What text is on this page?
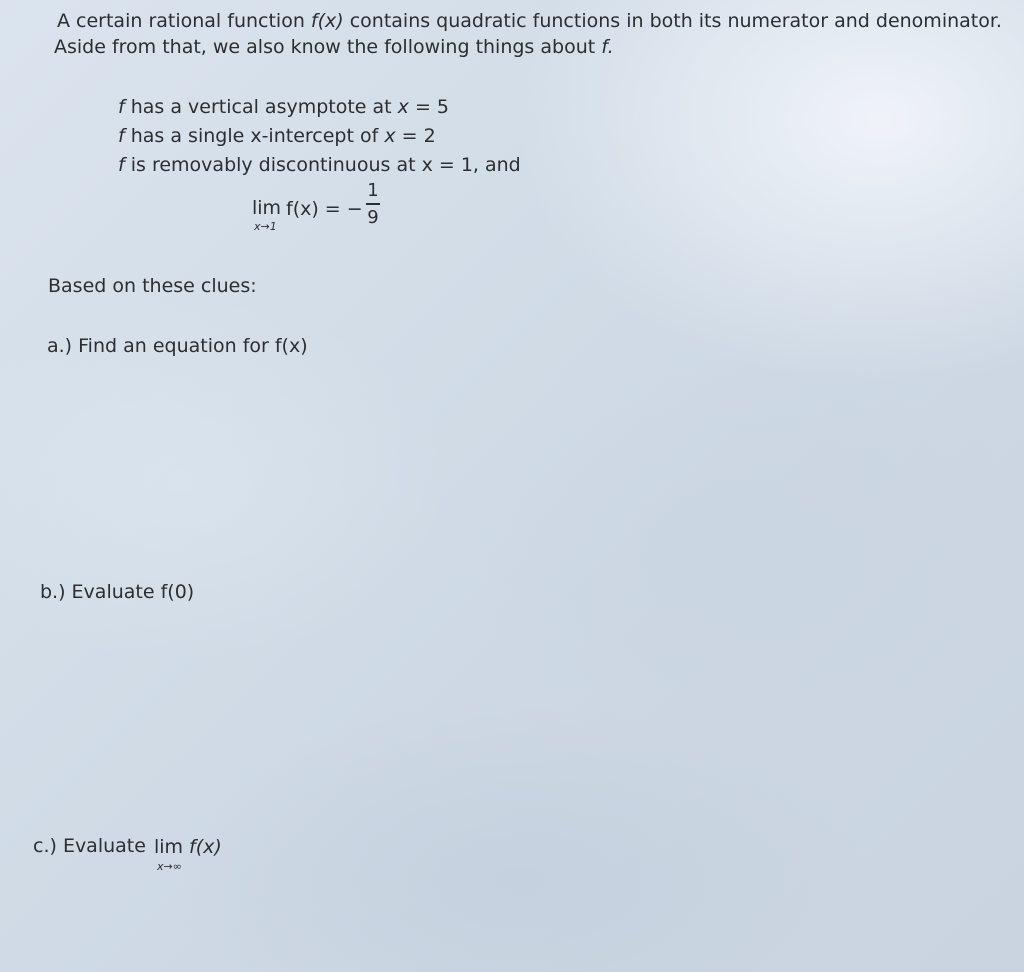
A certain rational function f(x) contains quadratic functions in both its numerator and denominator.
Aside from that, we also know the following things about f.
f has a vertical asymptote at x = 5
f has a single x-intercept of x = 2
f is removably discontinuous at x = 1, and
lim
x→1
f(x) = −
1
9
Based on these clues:
a.) Find an equation for f(x)
b.) Evaluate f(0)
c.) Evaluate lim
x→∞
f(x)
